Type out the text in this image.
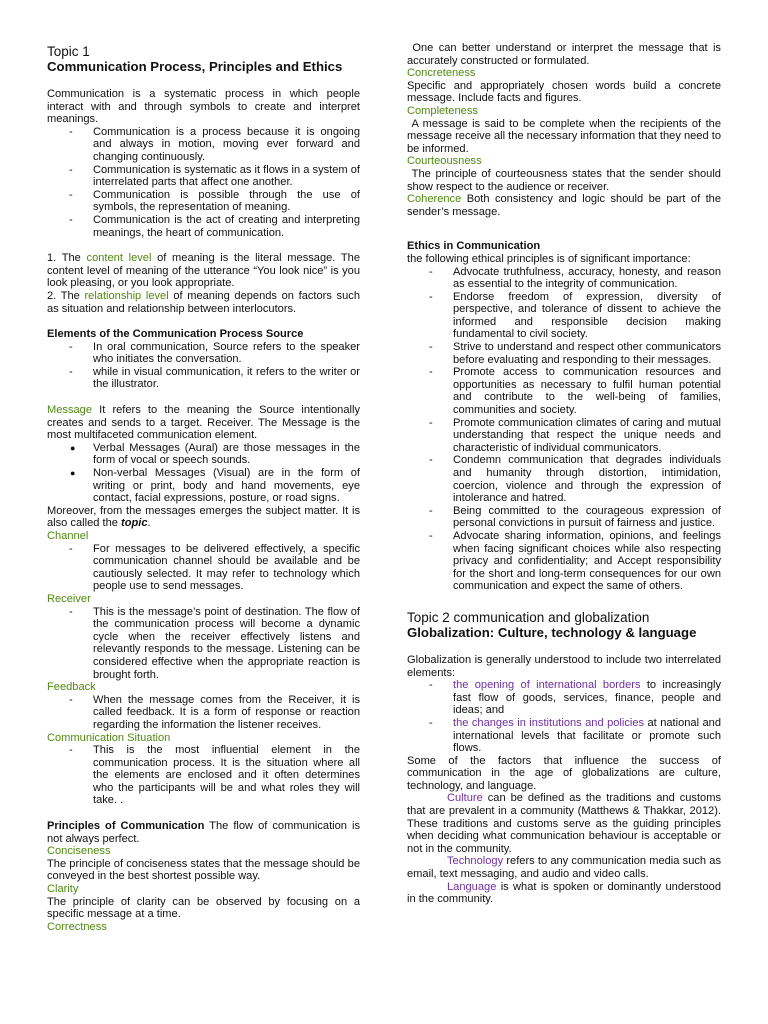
Topic 1

Communication Process, Principles and Ethics

Communication is a systematic process in which people interact with and through symbols to create and interpret meanings.

- Communication is a process because it is ongoing and always in motion, moving ever forward and changing continuously.
- Communication is systematic as it flows in a system of interrelated parts that affect one another.
- Communication is possible through the use of symbols, the representation of meaning.
- Communication is the act of creating and interpreting meanings, the heart of communication.

1. The content level of meaning is the literal message. The content level of meaning of the utterance “You look nice” is you look pleasing, or you look appropriate.

2. The relationship level of meaning depends on factors such as situation and relationship between interlocutors.

Elements of the Communication Process Source

- In oral communication, Source refers to the speaker who initiates the conversation.
- while in visual communication, it refers to the writer or the illustrator.

Message It refers to the meaning the Source intentionally creates and sends to a target. Receiver. The Message is the most multifaceted communication element.

● Verbal Messages (Aural) are those messages in the form of vocal or speech sounds.
● Non-verbal Messages (Visual) are in the form of writing or print, body and hand movements, eye contact, facial expressions, posture, or road signs.

Moreover, from the messages emerges the subject matter. It is also called the topic.

Channel

- For messages to be delivered effectively, a specific communication channel should be available and be cautiously selected. It may refer to technology which people use to send messages.

Receiver

- This is the message’s point of destination. The flow of the communication process will become a dynamic cycle when the receiver effectively listens and relevantly responds to the message. Listening can be considered effective when the appropriate reaction is brought forth.

Feedback

- When the message comes from the Receiver, it is called feedback. It is a form of response or reaction regarding the information the listener receives.

Communication Situation

- This is the most influential element in the communication process. It is the situation where all the elements are enclosed and it often determines who the participants will be and what roles they will take. .

Principles of Communication The flow of communication is not always perfect.

Conciseness

The principle of conciseness states that the message should be conveyed in the best shortest possible way.

Clarity

The principle of clarity can be observed by focusing on a specific message at a time.

Correctness

One can better understand or interpret the message that is accurately constructed or formulated.

Concreteness

Specific and appropriately chosen words build a concrete message. Include facts and figures.

Completeness

A message is said to be complete when the recipients of the message receive all the necessary information that they need to be informed.

Courteousness

The principle of courteousness states that the sender should show respect to the audience or receiver.

Coherence Both consistency and logic should be part of the sender’s message.

Ethics in Communication

the following ethical principles is of significant importance:

- Advocate truthfulness, accuracy, honesty, and reason as essential to the integrity of communication.
- Endorse freedom of expression, diversity of perspective, and tolerance of dissent to achieve the informed and responsible decision making fundamental to civil society.
- Strive to understand and respect other communicators before evaluating and responding to their messages.
- Promote access to communication resources and opportunities as necessary to fulfil human potential and contribute to the well-being of families, communities and society.
- Promote communication climates of caring and mutual understanding that respect the unique needs and characteristic of individual communicators.
- Condemn communication that degrades individuals and humanity through distortion, intimidation, coercion, violence and through the expression of intolerance and hatred.
- Being committed to the courageous expression of personal convictions in pursuit of fairness and justice.
- Advocate sharing information, opinions, and feelings when facing significant choices while also respecting privacy and confidentiality; and Accept responsibility for the short and long-term consequences for our own communication and expect the same of others.

Topic 2 communication and globalization

Globalization: Culture, technology & language

Globalization is generally understood to include two interrelated elements:

- the opening of international borders to increasingly fast flow of goods, services, finance, people and ideas; and
- the changes in institutions and policies at national and international levels that facilitate or promote such flows.

Some of the factors that influence the success of communication in the age of globalizations are culture, technology, and language.

Culture can be defined as the traditions and customs that are prevalent in a community (Matthews & Thakkar, 2012). These traditions and customs serve as the guiding principles when deciding what communication behaviour is acceptable or not in the community.

Technology refers to any communication media such as email, text messaging, and audio and video calls.

Language is what is spoken or dominantly understood in the community.
